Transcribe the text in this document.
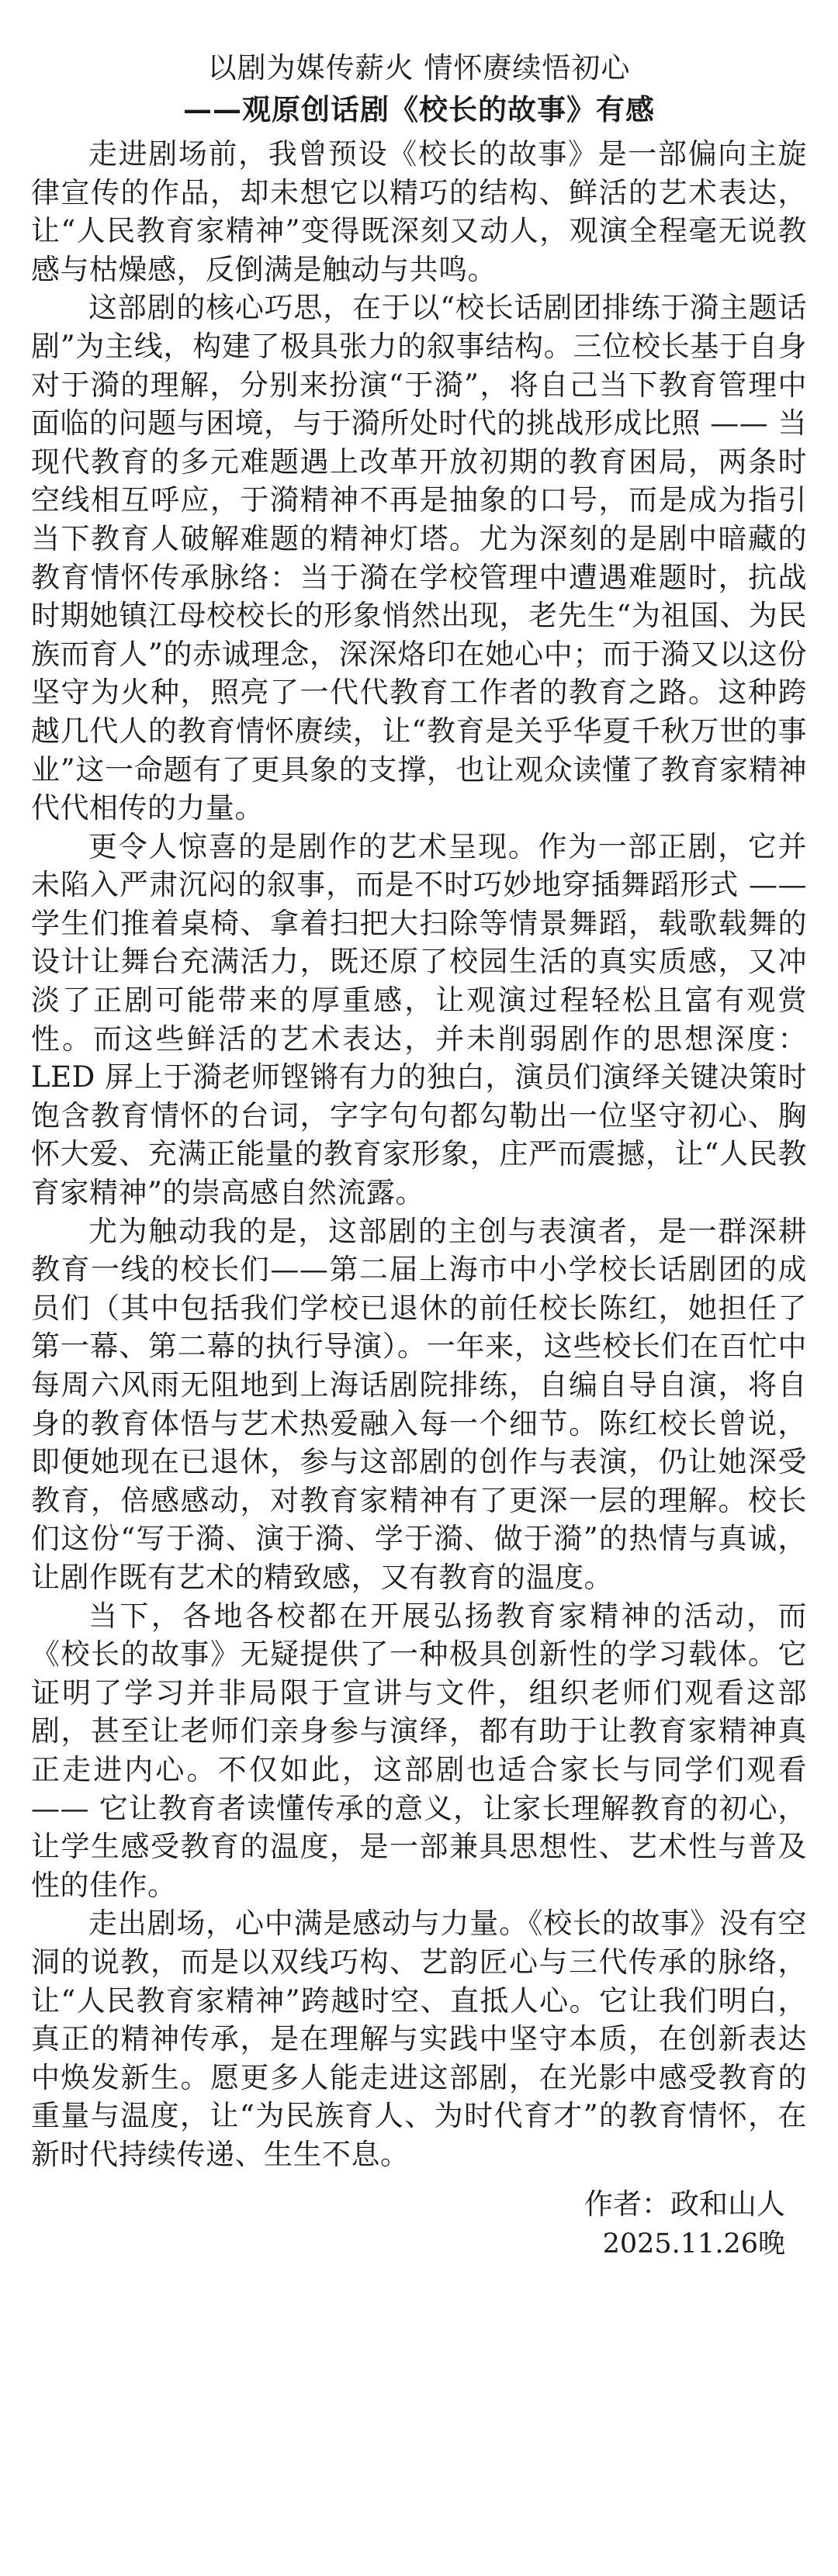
以剧为媒传薪火 情怀赓续悟初心
——观原创话剧《校长的故事》有感

走进剧场前，我曾预设《校长的故事》是一部偏向主旋律宣传的作品，却未想它以精巧的结构、鲜活的艺术表达，让“人民教育家精神”变得既深刻又动人，观演全程毫无说教感与枯燥感，反倒满是触动与共鸣。

这部剧的核心巧思，在于以“校长话剧团排练于漪主题话剧”为主线，构建了极具张力的叙事结构。三位校长基于自身对于漪的理解，分别来扮演“于漪”，将自己当下教育管理中面临的问题与困境，与于漪所处时代的挑战形成比照 —— 当现代教育的多元难题遇上改革开放初期的教育困局，两条时空线相互呼应，于漪精神不再是抽象的口号，而是成为指引当下教育人破解难题的精神灯塔。尤为深刻的是剧中暗藏的教育情怀传承脉络：当于漪在学校管理中遭遇难题时，抗战时期她镇江母校校长的形象悄然出现，老先生“为祖国、为民族而育人”的赤诚理念，深深烙印在她心中；而于漪又以这份坚守为火种，照亮了一代代教育工作者的教育之路。这种跨越几代人的教育情怀赓续，让“教育是关乎华夏千秋万世的事业”这一命题有了更具象的支撑，也让观众读懂了教育家精神代代相传的力量。

更令人惊喜的是剧作的艺术呈现。作为一部正剧，它并未陷入严肃沉闷的叙事，而是不时巧妙地穿插舞蹈形式 ——学生们推着桌椅、拿着扫把大扫除等情景舞蹈，载歌载舞的设计让舞台充满活力，既还原了校园生活的真实质感，又冲淡了正剧可能带来的厚重感，让观演过程轻松且富有观赏性。而这些鲜活的艺术表达，并未削弱剧作的思想深度：LED 屏上于漪老师铿锵有力的独白，演员们演绎关键决策时饱含教育情怀的台词，字字句句都勾勒出一位坚守初心、胸怀大爱、充满正能量的教育家形象，庄严而震撼，让“人民教育家精神”的崇高感自然流露。

尤为触动我的是，这部剧的主创与表演者，是一群深耕教育一线的校长们——第二届上海市中小学校长话剧团的成员们（其中包括我们学校已退休的前任校长陈红，她担任了第一幕、第二幕的执行导演）。一年来，这些校长们在百忙中每周六风雨无阻地到上海话剧院排练，自编自导自演，将自身的教育体悟与艺术热爱融入每一个细节。陈红校长曾说，即便她现在已退休，参与这部剧的创作与表演，仍让她深受教育，倍感感动，对教育家精神有了更深一层的理解。校长们这份“写于漪、演于漪、学于漪、做于漪”的热情与真诚，让剧作既有艺术的精致感，又有教育的温度。

当下，各地各校都在开展弘扬教育家精神的活动，而《校长的故事》无疑提供了一种极具创新性的学习载体。它证明了学习并非局限于宣讲与文件，组织老师们观看这部剧，甚至让老师们亲身参与演绎，都有助于让教育家精神真正走进内心。不仅如此，这部剧也适合家长与同学们观看 —— 它让教育者读懂传承的意义，让家长理解教育的初心，让学生感受教育的温度，是一部兼具思想性、艺术性与普及性的佳作。

走出剧场，心中满是感动与力量。《校长的故事》没有空洞的说教，而是以双线巧构、艺韵匠心与三代传承的脉络，让“人民教育家精神”跨越时空、直抵人心。它让我们明白，真正的精神传承，是在理解与实践中坚守本质，在创新表达中焕发新生。愿更多人能走进这部剧，在光影中感受教育的重量与温度，让“为民族育人、为时代育才”的教育情怀，在新时代持续传递、生生不息。

作者：政和山人
2025.11.26晚
